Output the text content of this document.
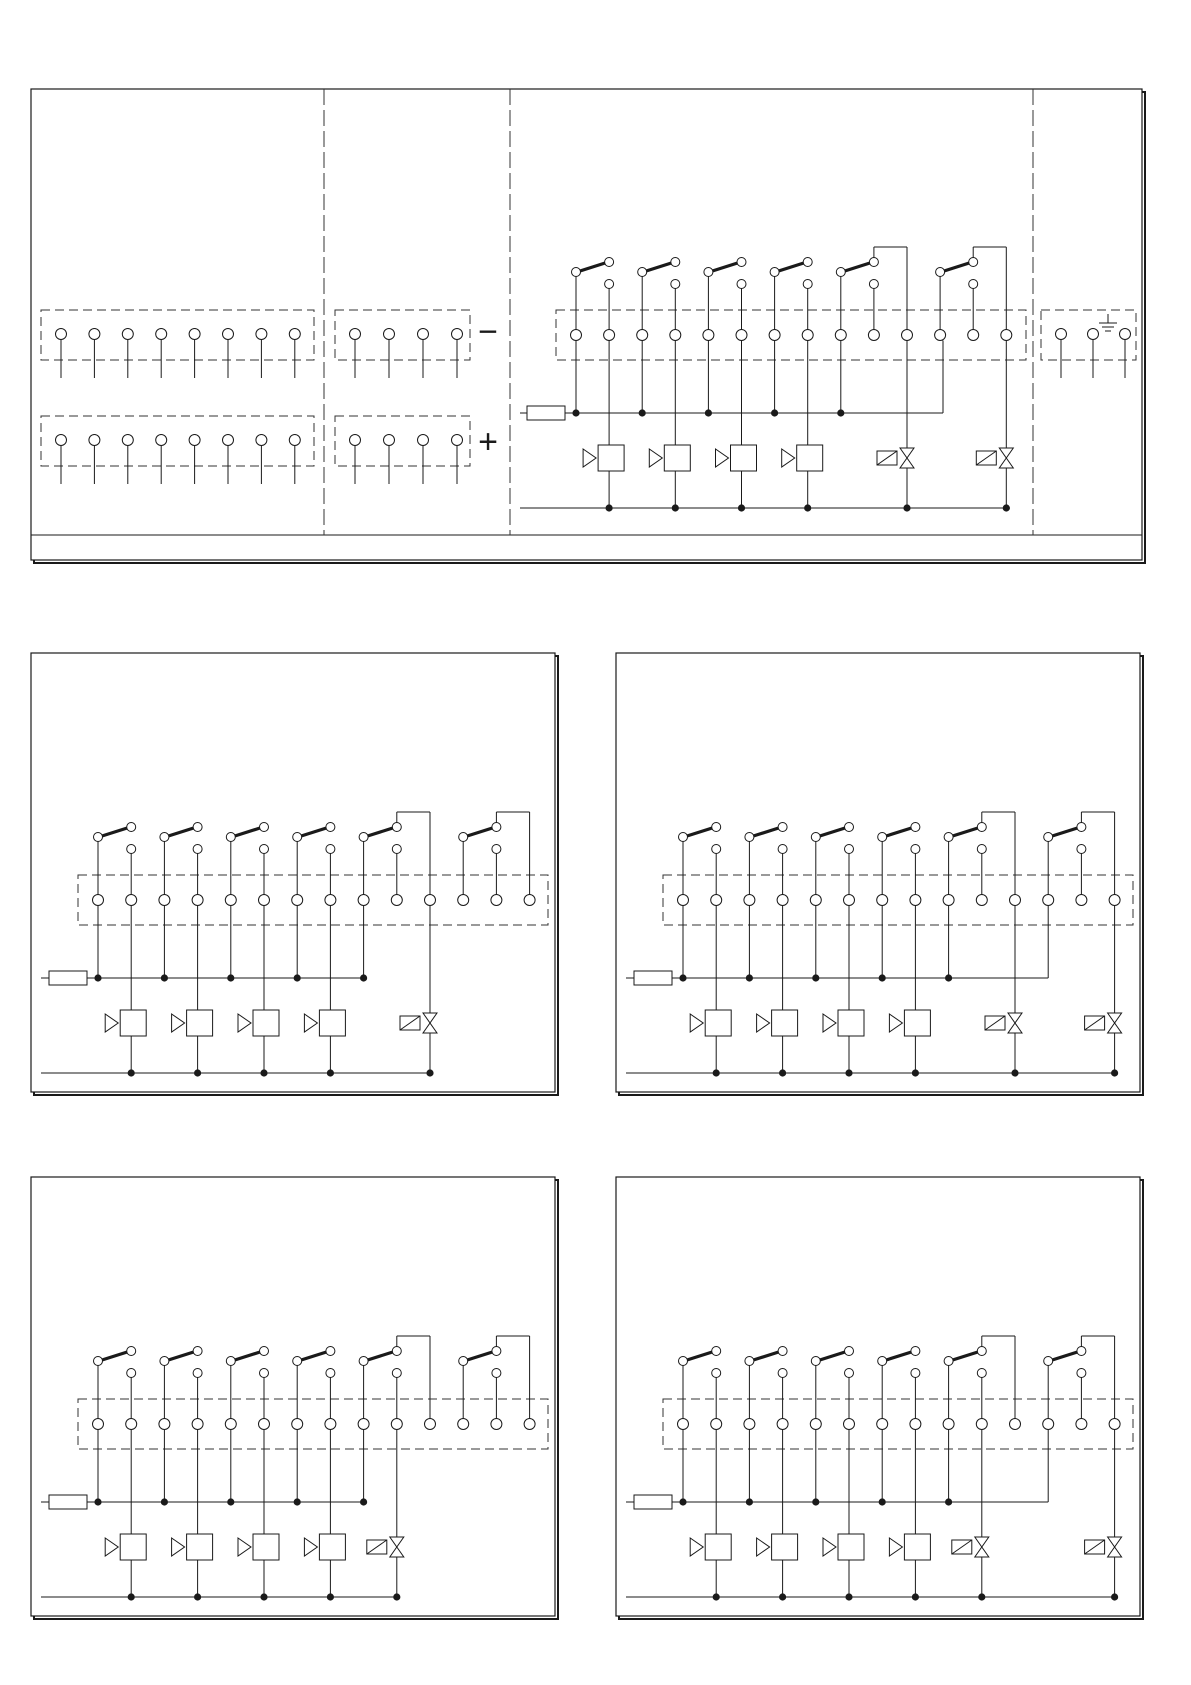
−
+
